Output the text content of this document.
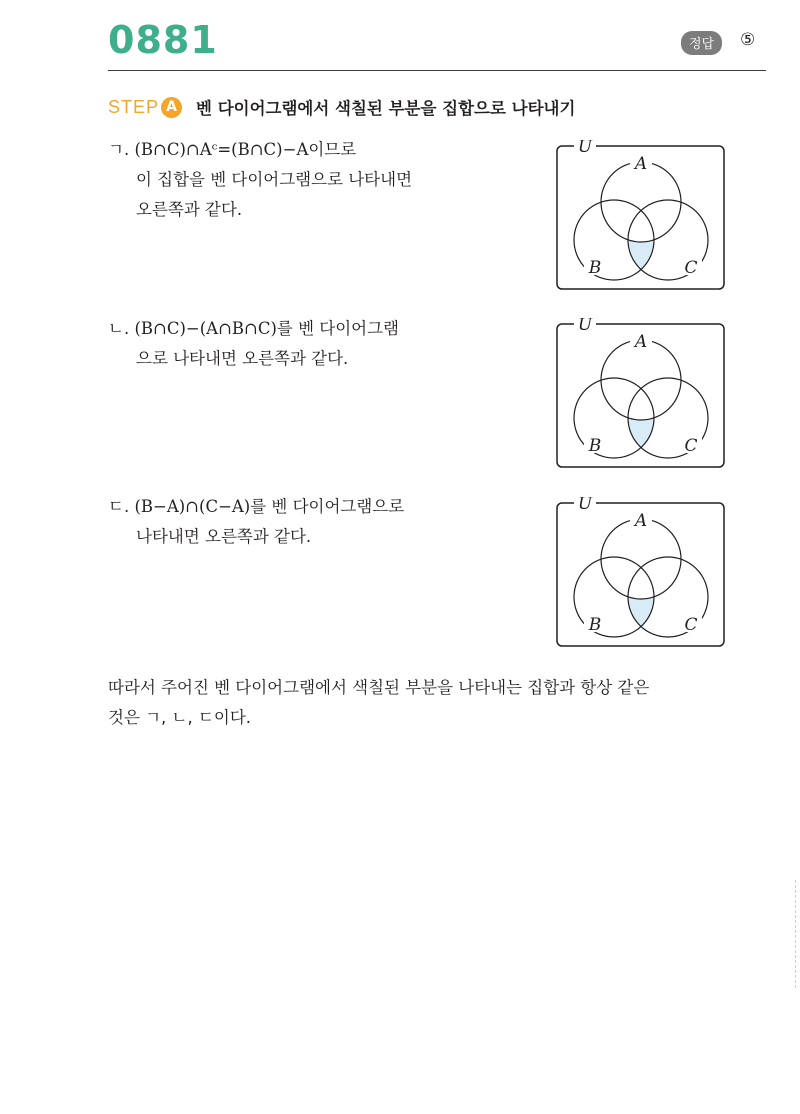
0881	정답	⑤
STEP A	벤 다이어그램에서 색칠된 부분을 집합으로 나타내기
ㄱ. (B∩C)∩Aᶜ=(B∩C)−A이므로
이 집합을 벤 다이어그램으로 나타내면
오른쪽과 같다.
ㄴ. (B∩C)−(A∩B∩C)를 벤 다이어그램
으로 나타내면 오른쪽과 같다.
ㄷ. (B−A)∩(C−A)를 벤 다이어그램으로
나타내면 오른쪽과 같다.
U
A
B	C
U
A
B	C
U
A
B	C
따라서 주어진 벤 다이어그램에서 색칠된 부분을 나타내는 집합과 항상 같은
것은 ㄱ, ㄴ, ㄷ이다.
